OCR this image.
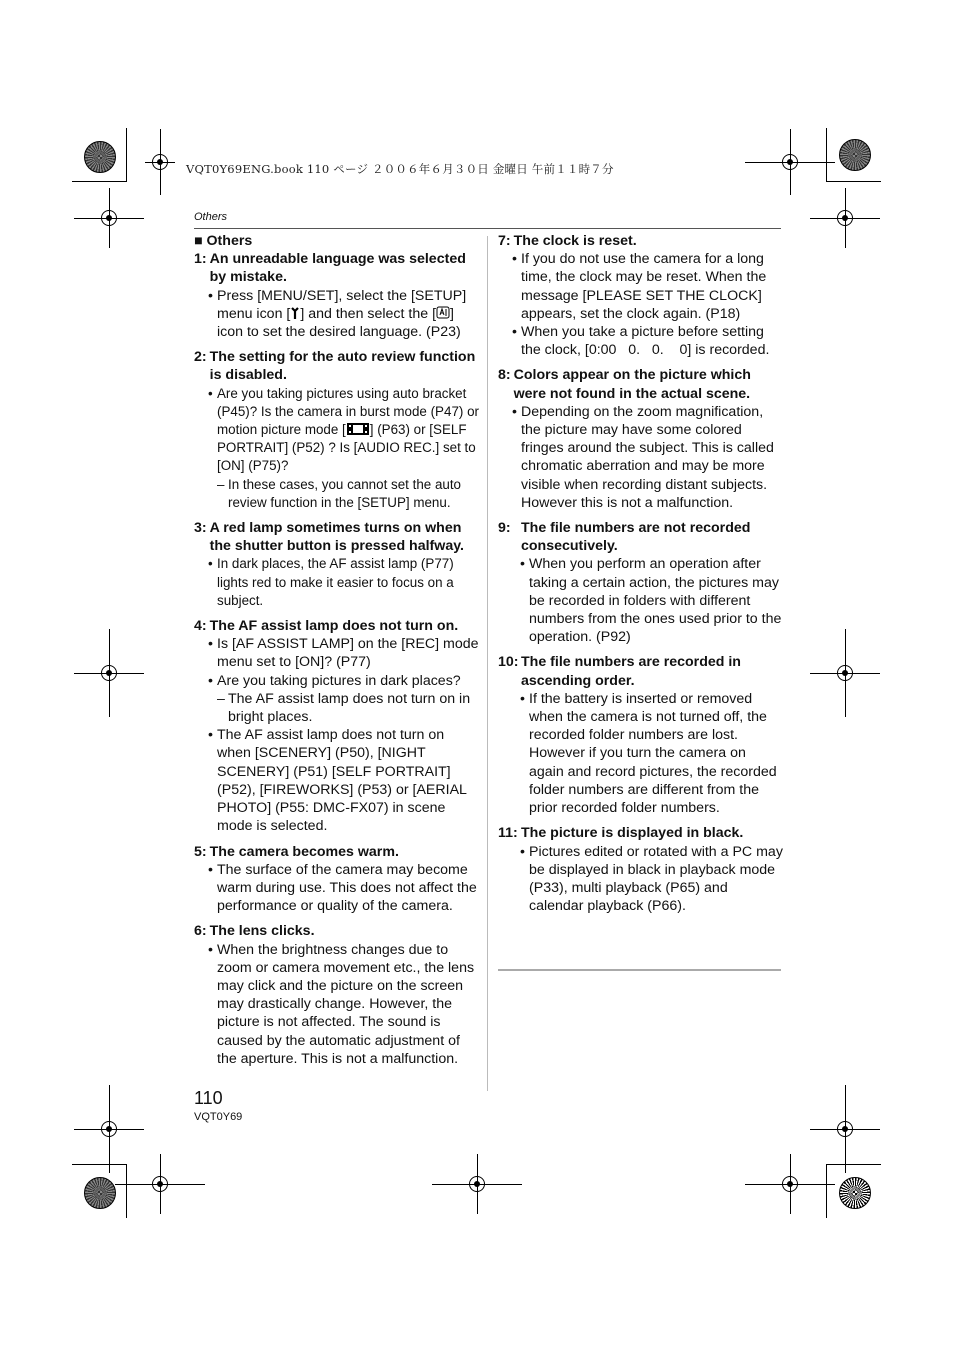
VQT0Y69ENG.book 110 ページ ２００６年６月３０日 金曜日 午前１１時７分
Others
■ Others
1: An unreadable language was selected by mistake.
• Press [MENU/SET], select the [SETUP] menu icon [ ] and then select the [ ] icon to set the desired language. (P23)
2: The setting for the auto review function is disabled.
• Are you taking pictures using auto bracket (P45)? Is the camera in burst mode (P47) or motion picture mode [ ] (P63) or [SELF PORTRAIT] (P52) ? Is [AUDIO REC.] set to [ON] (P75)?
– In these cases, you cannot set the auto review function in the [SETUP] menu.
3: A red lamp sometimes turns on when the shutter button is pressed halfway.
• In dark places, the AF assist lamp (P77) lights red to make it easier to focus on a subject.
4: The AF assist lamp does not turn on.
• Is [AF ASSIST LAMP] on the [REC] mode menu set to [ON]? (P77)
• Are you taking pictures in dark places?
– The AF assist lamp does not turn on in bright places.
• The AF assist lamp does not turn on when [SCENERY] (P50), [NIGHT SCENERY] (P51) [SELF PORTRAIT] (P52), [FIREWORKS] (P53) or [AERIAL PHOTO] (P55: DMC-FX07) in scene mode is selected.
5: The camera becomes warm.
• The surface of the camera may become warm during use. This does not affect the performance or quality of the camera.
6: The lens clicks.
• When the brightness changes due to zoom or camera movement etc., the lens may click and the picture on the screen may drastically change. However, the picture is not affected. The sound is caused by the automatic adjustment of the aperture. This is not a malfunction.
7: The clock is reset.
• If you do not use the camera for a long time, the clock may be reset. When the message [PLEASE SET THE CLOCK] appears, set the clock again. (P18)
• When you take a picture before setting the clock, [0:00   0.   0.    0] is recorded.
8: Colors appear on the picture which were not found in the actual scene.
• Depending on the zoom magnification, the picture may have some colored fringes around the subject. This is called chromatic aberration and may be more visible when recording distant subjects. However this is not a malfunction.
9: The file numbers are not recorded consecutively.
• When you perform an operation after taking a certain action, the pictures may be recorded in folders with different numbers from the ones used prior to the operation. (P92)
10: The file numbers are recorded in ascending order.
• If the battery is inserted or removed when the camera is not turned off, the recorded folder numbers are lost. However if you turn the camera on again and record pictures, the recorded folder numbers are different from the prior recorded folder numbers.
11: The picture is displayed in black.
• Pictures edited or rotated with a PC may be displayed in black in playback mode (P33), multi playback (P65) and calendar playback (P66).
110
VQT0Y69
